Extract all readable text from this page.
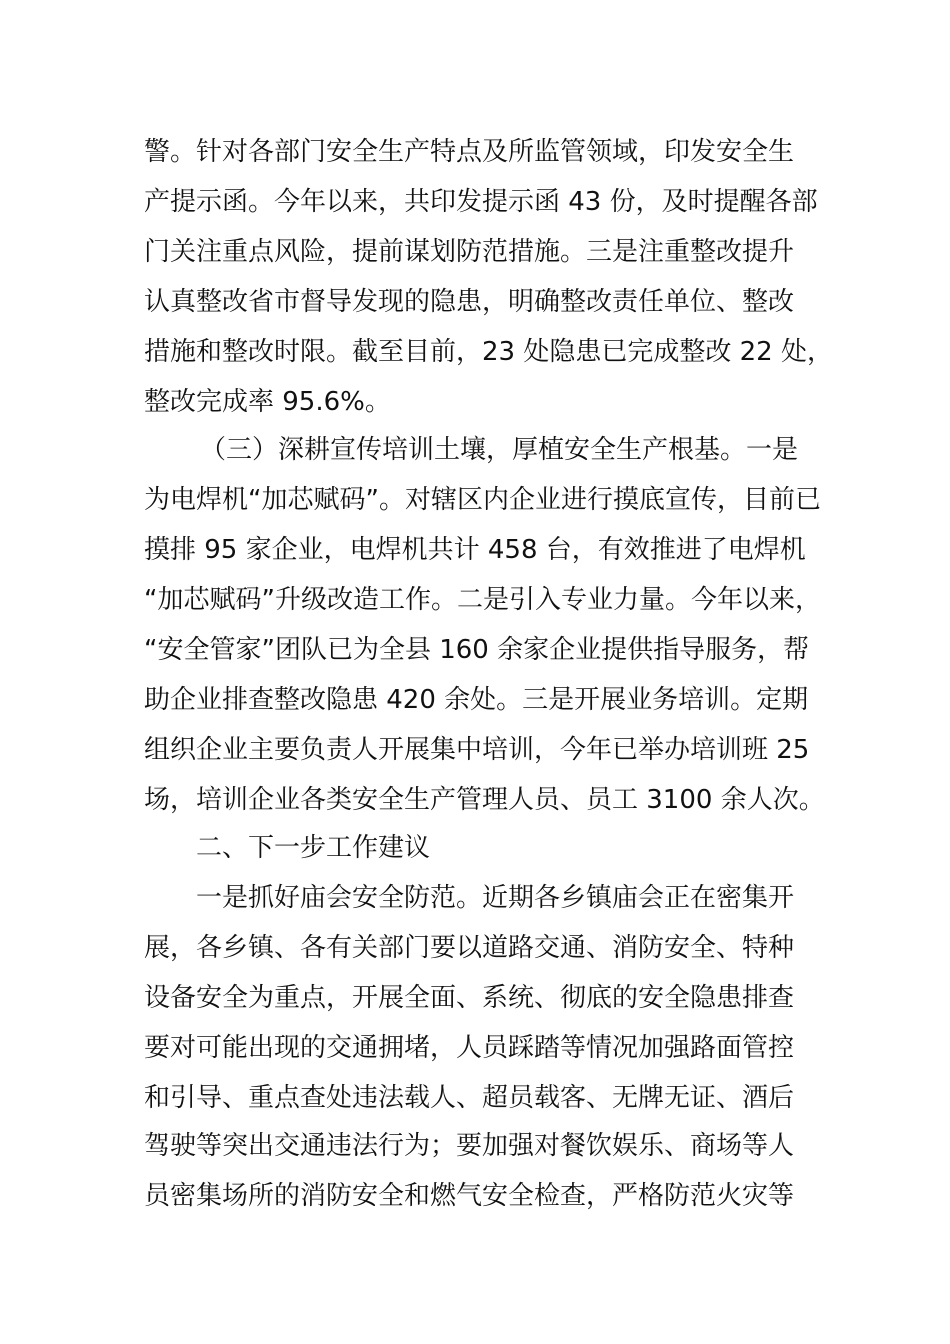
警。针对各部门安全生产特点及所监管领域，印发安全生
产提示函。今年以来，共印发提示函 43 份，及时提醒各部
门关注重点风险，提前谋划防范措施。三是注重整改提升
认真整改省市督导发现的隐患，明确整改责任单位、整改
措施和整改时限。截至目前，23 处隐患已完成整改 22 处，
整改完成率 95.6%。
（三）深耕宣传培训土壤，厚植安全生产根基。一是
为电焊机“加芯赋码”。对辖区内企业进行摸底宣传，目前已
摸排 95 家企业，电焊机共计 458 台，有效推进了电焊机
“加芯赋码”升级改造工作。二是引入专业力量。今年以来，
“安全管家”团队已为全县 160 余家企业提供指导服务，帮
助企业排查整改隐患 420 余处。三是开展业务培训。定期
组织企业主要负责人开展集中培训，今年已举办培训班 25
场，培训企业各类安全生产管理人员、员工 3100 余人次。
二、下一步工作建议
一是抓好庙会安全防范。近期各乡镇庙会正在密集开
展，各乡镇、各有关部门要以道路交通、消防安全、特种
设备安全为重点，开展全面、系统、彻底的安全隐患排查
要对可能出现的交通拥堵，人员踩踏等情况加强路面管控
和引导、重点查处违法载人、超员载客、无牌无证、酒后
驾驶等突出交通违法行为；要加强对餐饮娱乐、商场等人
员密集场所的消防安全和燃气安全检查，严格防范火灾等
